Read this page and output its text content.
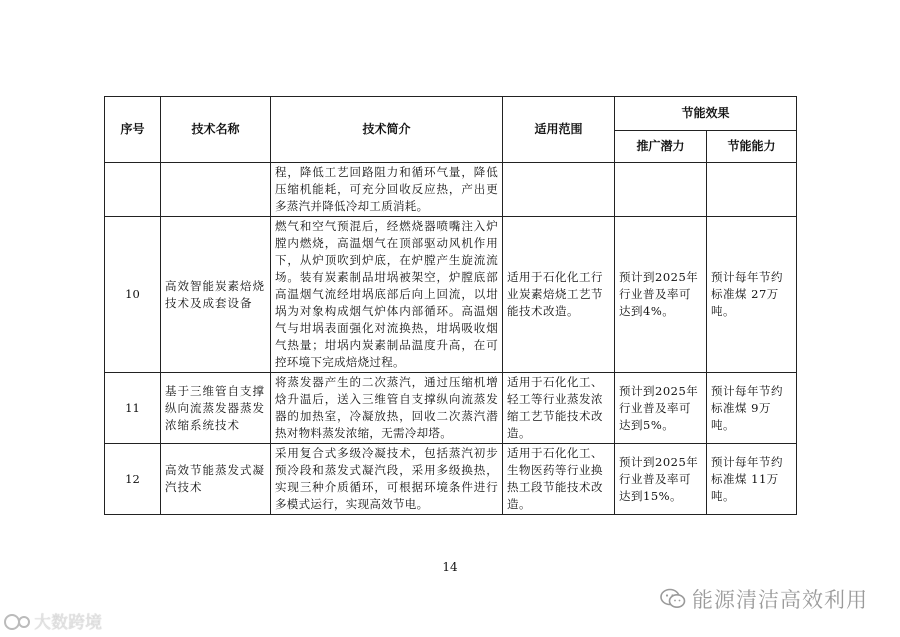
序号	技术名称	技术简介	适用范围	节能效果	
				推广潜力	节能能力
		程，降低工艺回路阻力和循环气量，降低压缩机能耗，可充分回收反应热，产出更多蒸汽并降低冷却工质消耗。			
10	高效智能炭素焙烧技术及成套设备	燃气和空气预混后，经燃烧器喷嘴注入炉膛内燃烧，高温烟气在顶部驱动风机作用下，从炉顶吹到炉底，在炉膛产生旋流流场。装有炭素制品坩埚被架空，炉膛底部高温烟气流经坩埚底部后向上回流，以坩埚为对象构成烟气炉体内部循环。高温烟气与坩埚表面强化对流换热，坩埚吸收烟气热量；坩埚内炭素制品温度升高，在可控环境下完成焙烧过程。	适用于石化化工行业炭素焙烧工艺节能技术改造。	预计到2025年行业普及率可达到4%。	预计每年节约标准煤 27万吨。
11	基于三维管自支撑纵向流蒸发器蒸发浓缩系统技术	将蒸发器产生的二次蒸汽，通过压缩机增焓升温后，送入三维管自支撑纵向流蒸发器的加热室，冷凝放热，回收二次蒸汽潜热对物料蒸发浓缩，无需冷却塔。	适用于石化化工、轻工等行业蒸发浓缩工艺节能技术改造。	预计到2025年行业普及率可达到5%。	预计每年节约标准煤 9万吨。
12	高效节能蒸发式凝汽技术	采用复合式多级冷凝技术，包括蒸汽初步预冷段和蒸发式凝汽段，采用多级换热，实现三种介质循环，可根据环境条件进行多模式运行，实现高效节电。	适用于石化化工、生物医药等行业换热工段节能技术改造。	预计到2025年行业普及率可达到15%。	预计每年节约标准煤 11万吨。
14
能源清洁高效利用
大数跨境
